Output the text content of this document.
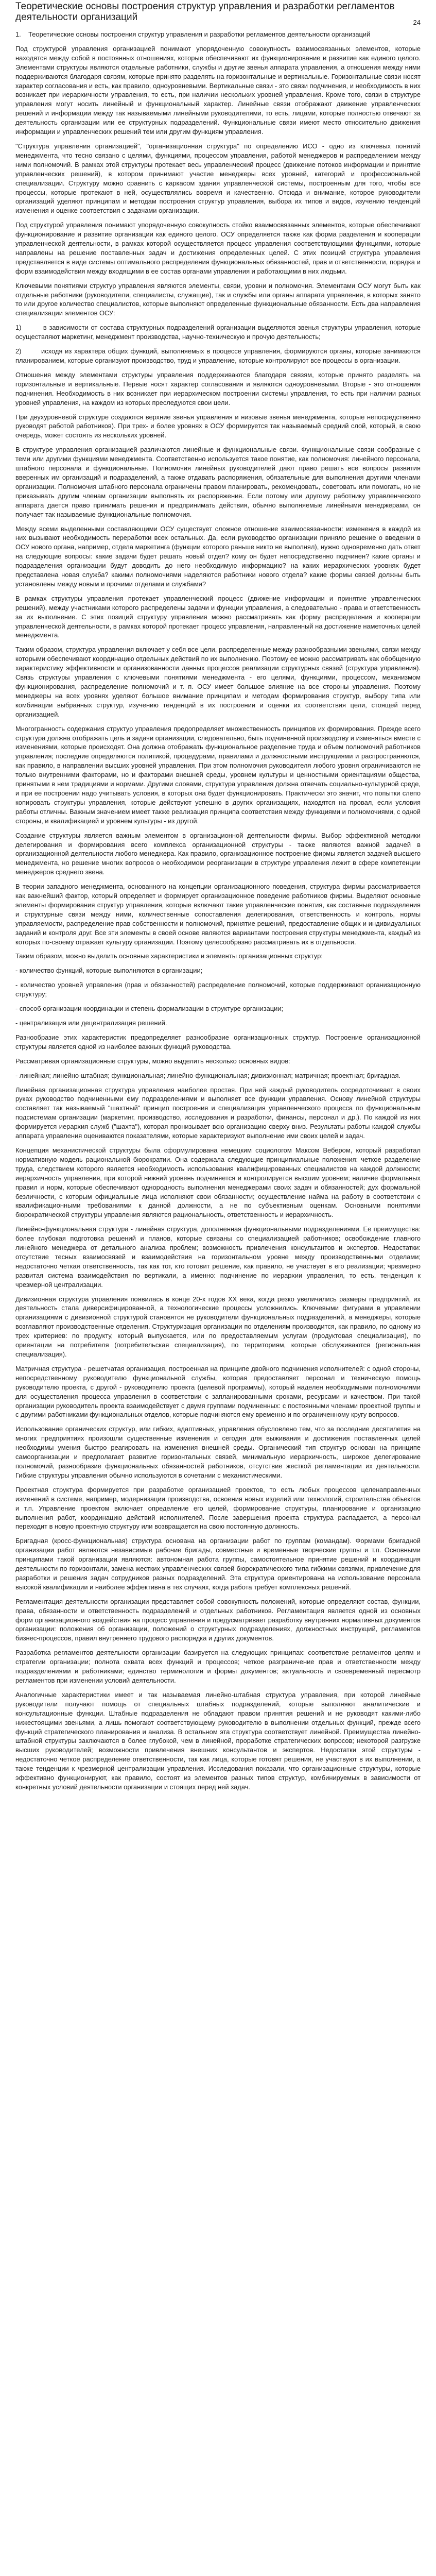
Теоретические основы построения структур управления и разработки регламентов деятельности организаций	24

1.    Теоретические основы построения структур управления и разработки регламентов деятельности организаций

Под структурой управления организацией понимают упорядоченную совокупность взаимосвязанных элементов, которые находятся между собой в постоянных отношениях, которые обеспечивают их функционирование и развитие как единого целого. Элементами структуры являются отдельные работники, службы и другие звенья аппарата управления, а отношения между ними поддерживаются благодаря связям, которые принято разделять на горизонтальные и вертикальные. Горизонтальные связи носят характер согласования и есть, как правило, одноуровневыми. Вертикальные связи - это связи подчинения, и необходимость в них возникает при иерархичности управления, то есть, при наличии нескольких уровней управления. Кроме того, связи в структуре управления могут носить линейный и функциональный характер. Линейные связи отображают движение управленческих решений и информации между так называемыми линейными руководителями, то есть, лицами, которые полностью отвечают за деятельность организации или ее структурных подразделений. Функциональные связи имеют место относительно движения информации и управленческих решений тем или другим функциям управления.

"Структура управления организацией", "организационная структура" по определению ИСО - одно из ключевых понятий менеджмента, что тесно связано с целями, функциями, процессом управления, работой менеджеров и распределением между ними полномочий. В рамках этой структуры протекает весь управленческий процесс (движение потоков информации и принятие управленческих решений), в котором принимают участие менеджеры всех уровней, категорий и профессиональной специализации. Структуру можно сравнить с каркасом здания управленческой системы, построенным для того, чтобы все процессы, которые протекают в ней, осуществлялись вовремя и качественно. Отсюда и внимание, которое руководители организаций уделяют принципам и методам построения структур управления, выбора их типов и видов, изучению тенденций изменения и оценке соответствия с задачами организации.

Под структурой управления понимают упорядоченную совокупность стойко взаимосвязанных элементов, которые обеспечивают функционирование и развитие организации как единого целого. ОСУ определяется также как форма разделения и кооперации управленческой деятельности, в рамках которой осуществляется процесс управления соответствующими функциями, которые направлены на решение поставленных задач и достижения определенных целей. С этих позиций структура управления представляется в виде системы оптимального распределения функциональных обязанностей, прав и ответственности, порядка и форм взаимодействия между входящими в ее состав органами управления и работающими в них людьми.

Ключевыми понятиями структур управления являются элементы, связи, уровни и полномочия. Элементами ОСУ могут быть как отдельные работники (руководители, специалисты, служащие), так и службы или органы аппарата управления, в которых занято то или другое количество специалистов, которые выполняют определенные функциональные обязанности. Есть два направления специализации элементов ОСУ:

1)         в зависимости от состава структурных подразделений организации выделяются звенья структуры управления, которые осуществляют маркетинг, менеджмент производства, научно-техническую и прочую деятельность;

2)        исходя из характера общих функций, выполняемых в процессе управления, формируются органы, которые занимаются планированием, которые организуют производство, труд и управление, которые контролируют все процессы в организации.

Отношения между элементами структуры управления поддерживаются благодаря связям, которые принято разделять на горизонтальные и вертикальные. Первые носят характер согласования и являются одноуровневыми. Вторые - это отношения подчинения. Необходимость в них возникает при иерархическом построении системы управления, то есть при наличии разных уровней управления, на каждом из которых преследуются свои цели.

При двухуровневой структуре создаются верхние звенья управления и низовые звенья менеджмента, которые непосредственно руководят работой работников). При трех- и более уровнях в ОСУ формируется так называемый средний слой, который, в свою очередь, может состоять из нескольких уровней.

В структуре управления организацией различаются линейные и функциональные связи. Функциональные связи сообразные с теми или другими функциями менеджмента. Соответственно используется такое понятие, как полномочия: линейного персонала, штабного персонала и функциональные. Полномочия линейных руководителей дают право решать все вопросы развития вверенных им организаций и подразделений, а также отдавать распоряжения, обязательные для выполнения другими членами организации. Полномочия штабного персонала ограничены правом планировать, рекомендовать, советовать или помогать, но не приказывать другим членам организации выполнять их распоряжения. Если потому или другому работнику управленческого аппарата дается право принимать решения и предпринимать действия, обычно выполняемые линейными менеджерами, он получает так называемые функциональные полномочия.

Между всеми выделенными составляющими ОСУ существует сложное отношение взаимосвязанности: изменения в каждой из них вызывают необходимость переработки всех остальных. Да, если руководство организации приняло решение о введении в ОСУ нового органа, например, отдела маркетинга (функции которого раньше никто не выполнял), нужно одновременно дать ответ на следующие вопросы: какие задачи будет решать новый отдел? кому он будет непосредственно подчинен? какие органы и подразделения организации будут доводить до него необходимую информацию? на каких иерархических уровнях будет представлена новая служба? какими полномочиями наделяются работники нового отдела? какие формы связей должны быть установлены между новым и прочими отделами и службами?

В рамках структуры управления протекает управленческий процесс (движение информации и принятие управленческих решений), между участниками которого распределены задачи и функции управления, а следовательно - права и ответственность за их выполнение. С этих позиций структуру управления можно рассматривать как форму распределения и кооперации управленческой деятельности, в рамках которой протекает процесс управления, направленный на достижение наметочных целей менеджмента.

Таким образом, структура управления включает у себя все цели, распределенные между разнообразными звеньями, связи между которыми обеспечивают координацию отдельных действий по их выполнению. Поэтому ее можно рассматривать как обобщенную характеристику эффективности и организованности данных процессов реализации структурных связей (структура управления). Связь структуры управления с ключевыми понятиями менеджмента - его целями, функциями, процессом, механизмом функционирования, распределение полномочий и т. п. ОСУ имеет большое влияние на все стороны управления. Поэтому менеджеры на всех уровнях уделяют большое внимание принципам и методам формирования структур, выбору типа или комбинации выбранных структур, изучению тенденций в их построении и оценки их соответствия цели, стоящей перед организацией.

Многогранность содержания структур управления предопределяет множественность принципов их формирования. Прежде всего структура должна отображать цель и задачи организации, следовательно, быть подчиненной производству и изменяться вместе с изменениями, которые происходят. Она должна отображать функциональное разделение труда и объем полномочий работников управления; последние определяются политикой, процедурами, правилами и должностными инструкциями и распространяются, как правило, в направлении высших уровней управления. При этом полномочия руководителя любого уровня ограничиваются не только внутренними факторами, но и факторами внешней среды, уровнем культуры и ценностными ориентациями общества, принятыми в нем традициями и нормами. Другими словами, структура управления должна отвечать социально-культурной среде, и при ее построении надо учитывать условия, в которых она будет функционировать. Практически это значит, что попытки слепо копировать структуры управления, которые действуют успешно в других организациях, находятся на провал, если условия работы отличны. Важным значением имеет также реализация принципа соответствия между функциями и полномочиями, с одной стороны, и квалификацией и уровнем культуры - из другой.

Создание структуры является важным элементом в организационной деятельности фирмы. Выбор эффективной методики делегирования и формирования всего комплекса организационной структуры - также являются важной задачей в организационной деятельности любого менеджера. Как правило, организационное построение фирмы является задачей высшего менеджмента, но решение многих вопросов о необходимом реорганизации в структуре управления лежит в сфере компетенции менеджеров среднего звена.

В теории западного менеджмента, основанного на концепции организационного поведения, структура фирмы рассматривается как важнейший фактор, который определяет и формирует организационное поведение работников фирмы. Выделяют основные элементы формирования структур управления, которые включают такие управленческие понятия, как составные подразделения и структурные связи между ними, количественные сопоставления делегирования, ответственность и контроль, нормы управляемости, распределение прав собственности и полномочий, принятие решений, предоставление общих и индивидуальных заданий и контроля друг. Все эти элементы в своей основе являются вариантами построения структуры менеджмента, каждый из которых по-своему отражает культуру организации. Поэтому целесообразно рассматривать их в отдельности.

Таким образом, можно выделить основные характеристики и элементы организационных структур:

- количество функций, которые выполняются в организации;

- количество уровней управления (прав и обязанностей) распределение полномочий, которые поддерживают организационную структуру;

- способ организации координации и степень формализации в структуре организации;

- централизация или децентрализация решений.

Разнообразие этих характеристик предопределяет разнообразие организационных структур. Построение организационной структуры является одной из наиболее важных функций руководства.

Рассматривая организационные структуры, можно выделить несколько основных видов:

- линейная; линейно-штабная; функциональная; линейно-функциональная; дивизионная; матричная; проектная; бригадная.

Линейная организационная структура управления наиболее простая. При ней каждый руководитель сосредоточивает в своих руках руководство подчиненными ему подразделениями и выполняет все функции управления. Основу линейной структуры составляет так называемый "шахтный" принцип построения и специализация управленческого процесса по функциональным подсистемам организации (маркетинг, производство, исследования и разработки, финансы, персонал и др.). По каждой из них формируется иерархия служб ("шахта"), которая пронизывает всю организацию сверху вниз. Результаты работы каждой службы аппарата управления оцениваются показателями, которые характеризуют выполнение ими своих целей и задач.

Концепция механистической структуры была сформулирована немецким социологом Максом Вебером, который разработал нормативную модель рациональной бюрократии. Она содержала следующие принципиальные положения: четкое разделение труда, следствием которого является необходимость использования квалифицированных специалистов на каждой должности; иерархичность управления, при которой нижний уровень подчиняется и контролируется высшим уровнем; наличие формальных правил и норм, которые обеспечивают однородность выполнения менеджерами своих задач и обязанностей; дух формальной безличности, с которым официальные лица исполняют свои обязанности; осуществление найма на работу в соответствии с квалификационными требованиями к данной должности, а не по субъективным оценкам. Основными понятиями бюрократической структуры управления являются рациональность, ответственность и иерархичность.

Линейно-функциональная структура - линейная структура, дополненная функциональными подразделениями. Ее преимущества: более глубокая подготовка решений и планов, которые связаны со специализацией работников; освобождение главного линейного менеджера от детального анализа проблем; возможность привлечения консультантов и экспертов. Недостатки: отсутствие тесных взаимосвязей и взаимодействия на горизонтальном уровне между производственными отделами; недостаточно четкая ответственность, так как тот, кто готовит решение, как правило, не участвует в его реализации; чрезмерно развитая система взаимодействия по вертикали, а именно: подчинение по иерархии управления, то есть, тенденция к чрезмерной централизации.

Дивизионная структура управления появилась в конце 20-х годов XX века, когда резко увеличились размеры предприятий, их деятельность стала диверсифицированной, а технологические процессы усложнились. Ключевыми фигурами в управлении организациями с дивизионной структурой становятся не руководители функциональных подразделений, а менеджеры, которые возглавляют производственные отделения. Структуризация организации по отделениям производится, как правило, по одному из трех критериев: по продукту, который выпускается, или по предоставляемым услугам (продуктовая специализация), по ориентации на потребителя (потребительская специализация), по территориям, которые обслуживаются (региональная специализация).

Матричная структура - решетчатая организация, построенная на принципе двойного подчинения исполнителей: с одной стороны, непосредственному руководителю функциональной службы, которая предоставляет персонал и техническую помощь руководителю проекта, с другой - руководителю проекта (целевой программы), который наделен необходимыми полномочиями для осуществления процесса управления в соответствии с запланированными сроками, ресурсами и качеством. При такой организации руководитель проекта взаимодействует с двумя группами подчиненных: с постоянными членами проектной группы и с другими работниками функциональных отделов, которые подчиняются ему временно и по ограниченному кругу вопросов.

Использование органических структур, или гибких, адаптивных, управления обусловлено тем, что за последние десятилетия на многих предприятиях произошли существенные изменения и сегодня для выживания и достижения поставленных целей необходимы умения быстро реагировать на изменения внешней среды. Органический тип структур основан на принципе самоорганизации и предполагает развитие горизонтальных связей, минимальную иерархичность, широкое делегирование полномочий, разнообразие функциональных обязанностей работников, отсутствие жесткой регламентации их деятельности. Гибкие структуры управления обычно используются в сочетании с механистическими.

Проектная структура формируется при разработке организацией проектов, то есть любых процессов целенаправленных изменений в системе, например, модернизации производства, освоения новых изделий или технологий, строительства объектов и т.п. Управление проектом включает определение его целей, формирование структуры, планирование и организацию выполнения работ, координацию действий исполнителей. После завершения проекта структура распадается, а персонал переходит в новую проектную структуру или возвращается на свою постоянную должность.

Бригадная (кросс-функциональная) структура основана на организации работ по группам (командам). Формами бригадной организации работ являются независимые рабочие бригады, совместные и временные творческие группы и т.п. Основными принципами такой организации являются: автономная работа группы, самостоятельное принятие решений и координация деятельности по горизонтали, замена жестких управленческих связей бюрократического типа гибкими связями, привлечение для разработки и решения задач сотрудников разных подразделений. Эта структура ориентирована на использование персонала высокой квалификации и наиболее эффективна в тех случаях, когда работа требует комплексных решений.

Регламентация деятельности организации представляет собой совокупность положений, которые определяют состав, функции, права, обязанности и ответственность подразделений и отдельных работников. Регламентация является одной из основных форм организационного воздействия на процесс управления и предусматривает разработку внутренних нормативных документов организации: положения об организации, положений о структурных подразделениях, должностных инструкций, регламентов бизнес-процессов, правил внутреннего трудового распорядка и других документов.

Разработка регламентов деятельности организации базируется на следующих принципах: соответствие регламентов целям и стратегии организации; полнота охвата всех функций и процессов; четкое разграничение прав и ответственности между подразделениями и работниками; единство терминологии и формы документов; актуальность и своевременный пересмотр регламентов при изменении условий деятельности.

Аналогичные характеристики имеет и так называемая линейно-штабная структура управления, при которой линейные руководители получают помощь от специальных штабных подразделений, которые выполняют аналитические и консультационные функции. Штабные подразделения не обладают правом принятия решений и не руководят какими-либо нижестоящими звеньями, а лишь помогают соответствующему руководителю в выполнении отдельных функций, прежде всего функций стратегического планирования и анализа. В остальном эта структура соответствует линейной. Преимущества линейно-штабной структуры заключаются в более глубокой, чем в линейной, проработке стратегических вопросов; некоторой разгрузке высших руководителей; возможности привлечения внешних консультантов и экспертов. Недостатки этой структуры - недостаточно четкое распределение ответственности, так как лица, которые готовят решения, не участвуют в их выполнении, а также тенденции к чрезмерной централизации управления. Исследования показали, что организационные структуры, которые эффективно функционируют, как правило, состоят из элементов разных типов структур, комбинируемых в зависимости от конкретных условий деятельности организации и стоящих перед ней задач.
